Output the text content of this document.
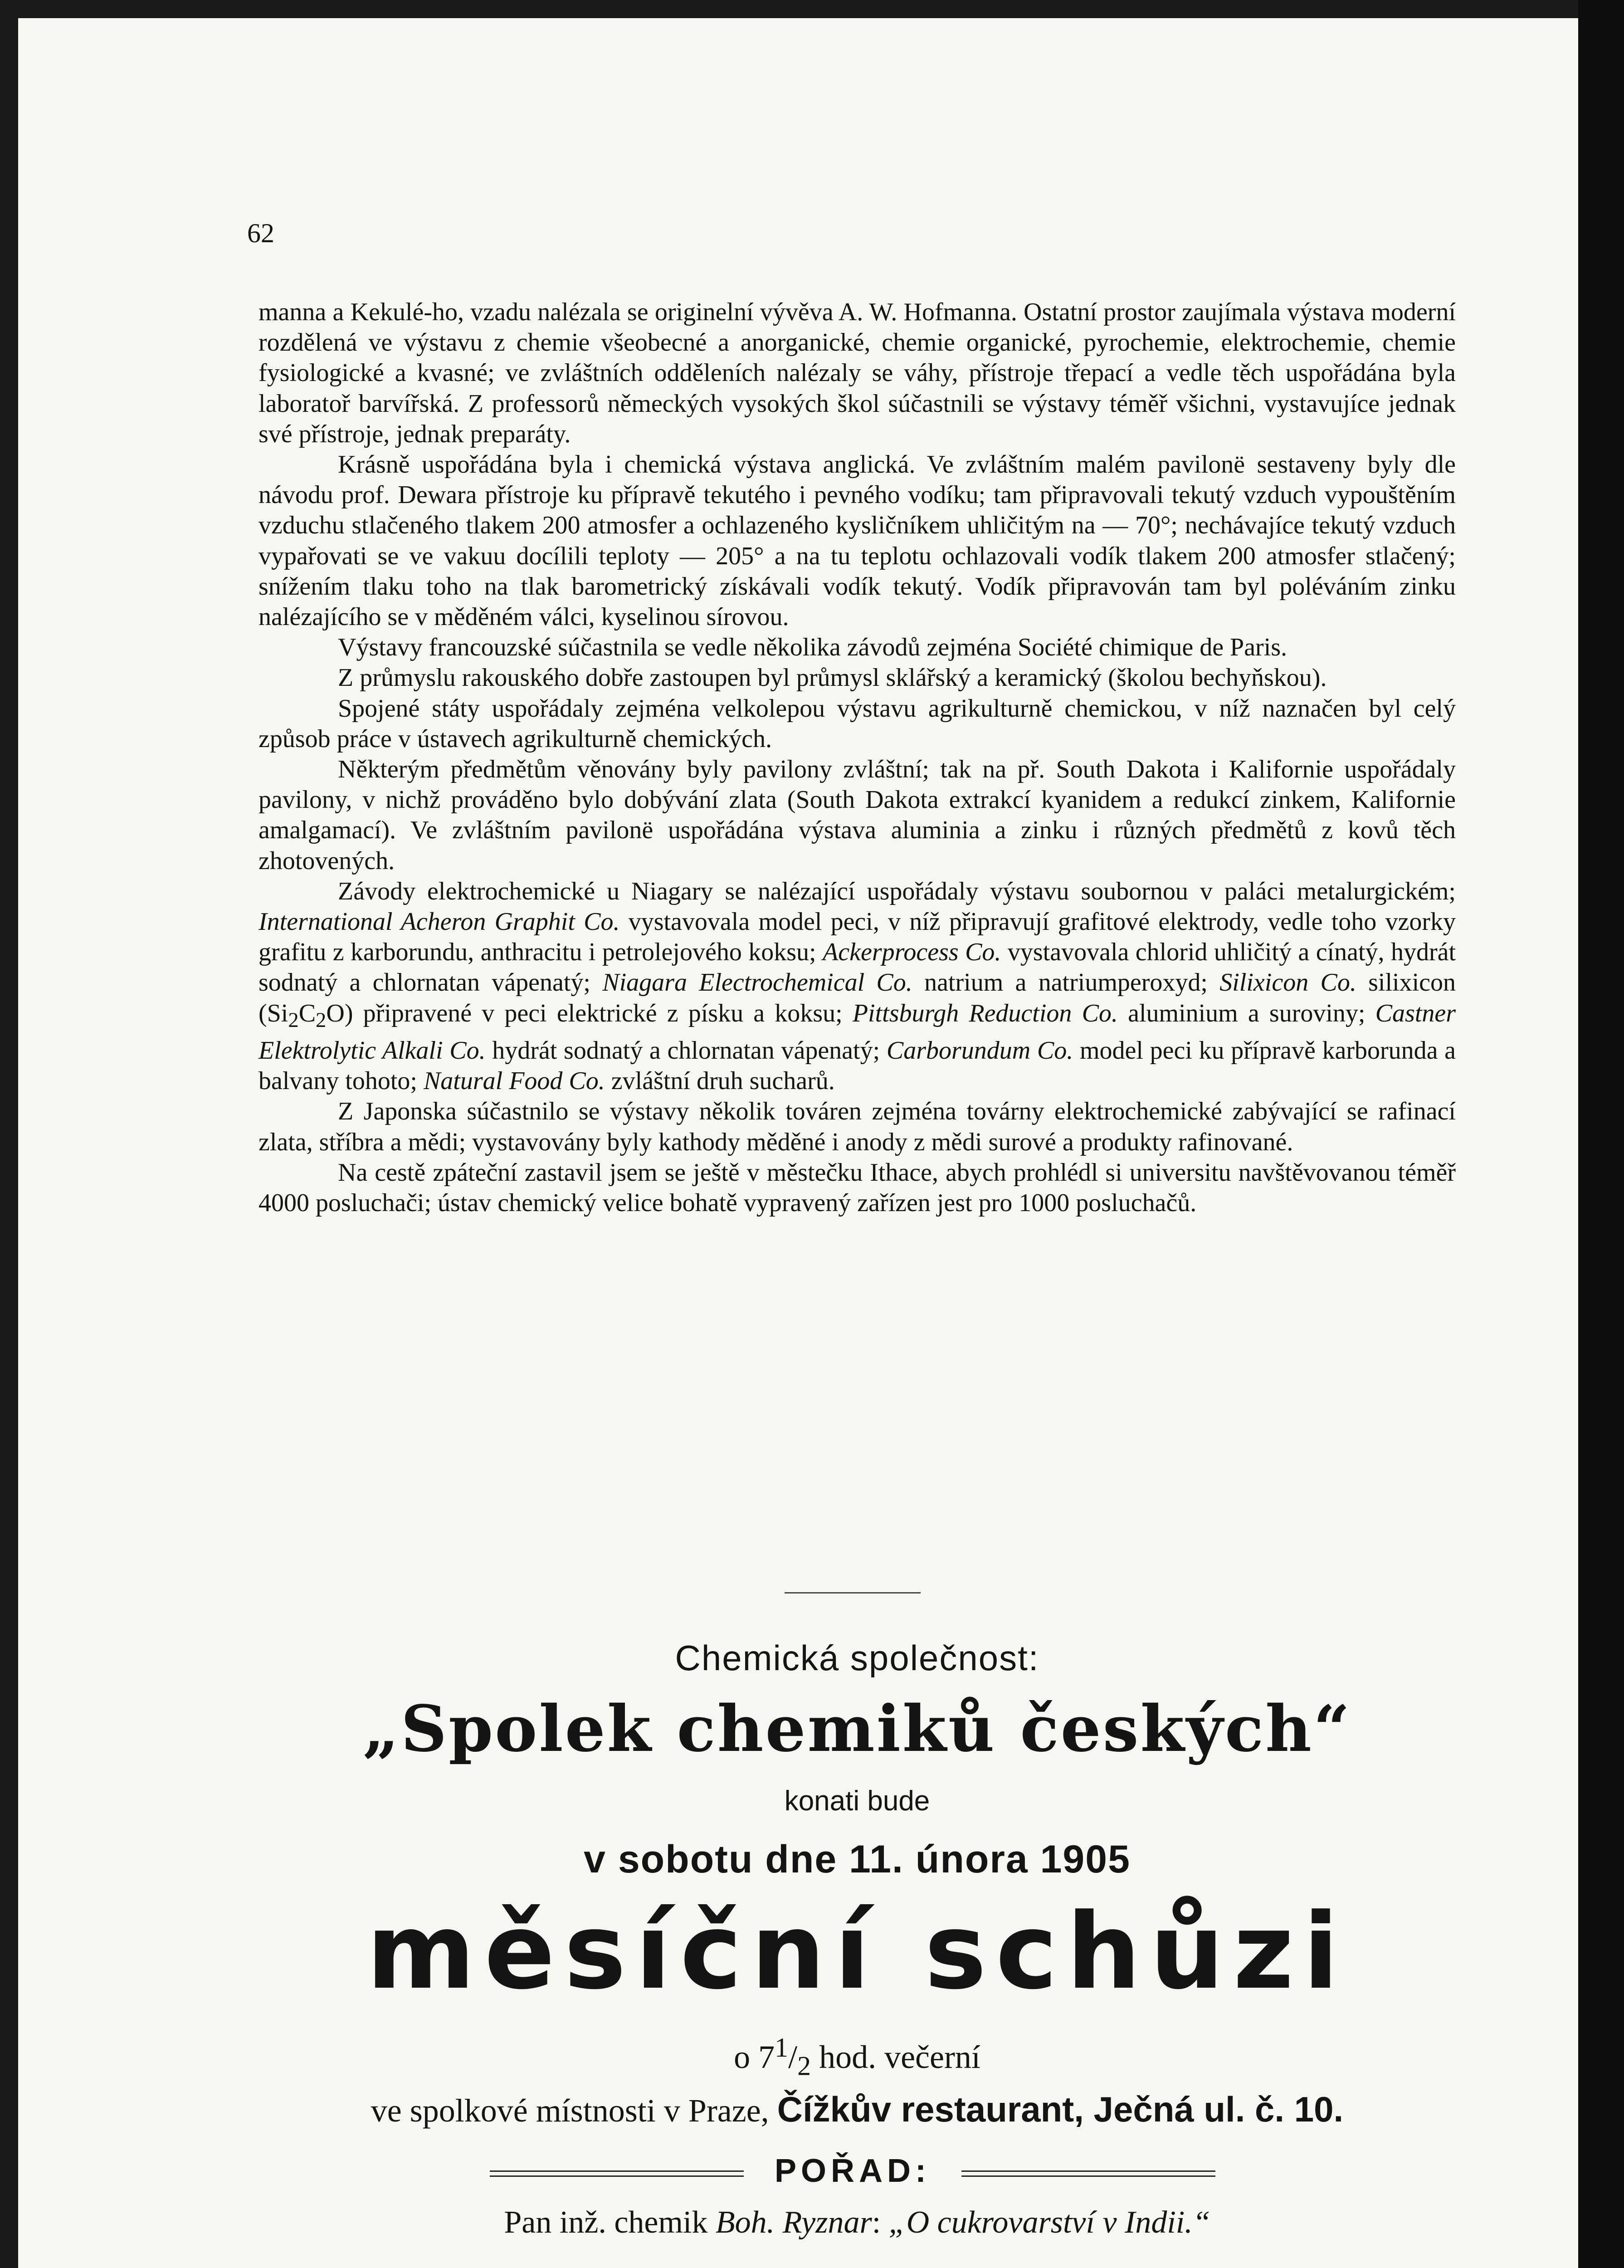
62

manna a Kekulé-ho, vzadu nalézala se originelní vývěva A. W. Hofmanna. Ostatní prostor zaujímala výstava moderní rozdělená ve výstavu z chemie všeobecné a anorganické, chemie organické, pyrochemie, elektrochemie, chemie fysiologické a kvasné; ve zvláštních odděleních nalézaly se váhy, přístroje třepací a vedle těch uspořádána byla laboratoř barvířská. Z professorů německých vysokých škol súčastnili se výstavy téměř všichni, vystavujíce jednak své přístroje, jednak preparáty.

Krásně uspořádána byla i chemická výstava anglická. Ve zvláštním malém pavilonë sestaveny byly dle návodu prof. Dewara přístroje ku přípravě tekutého i pevného vodíku; tam připravovali tekutý vzduch vypouštěním vzduchu stlačeného tlakem 200 atmosfer a ochlazeného kysličníkem uhličitým na — 70°; nechávajíce tekutý vzduch vypařovati se ve vakuu docílili teploty — 205° a na tu teplotu ochlazovali vodík tlakem 200 atmosfer stlačený; snížením tlaku toho na tlak barometrický získávali vodík tekutý. Vodík připravován tam byl poléváním zinku nalézajícího se v měděném válci, kyselinou sírovou.

Výstavy francouzské súčastnila se vedle několika závodů zejména Société chimique de Paris.

Z průmyslu rakouského dobře zastoupen byl průmysl sklářský a keramický (školou bechyňskou).

Spojené státy uspořádaly zejména velkolepou výstavu agrikulturně chemickou, v níž naznačen byl celý způsob práce v ústavech agrikulturně chemických.

Některým předmětům věnovány byly pavilony zvláštní; tak na př. South Dakota i Kalifornie uspořádaly pavilony, v nichž prováděno bylo dobývání zlata (South Dakota extrakcí kyanidem a redukcí zinkem, Kalifornie amalgamací). Ve zvláštním pavilonë uspořádána výstava aluminia a zinku i různých předmětů z kovů těch zhotovených.

Závody elektrochemické u Niagary se nalézající uspořádaly výstavu soubornou v paláci metalurgickém; International Acheron Graphit Co. vystavovala model peci, v níž připravují grafitové elektrody, vedle toho vzorky grafitu z karborundu, anthracitu i petrolejového koksu; Ackerprocess Co. vystavovala chlorid uhličitý a cínatý, hydrát sodnatý a chlornatan vápenatý; Niagara Electrochemical Co. natrium a natriumperoxyd; Silixicon Co. silixicon $(Si_2C_2O)$ připravené v peci elektrické z písku a koksu; Pittsburgh Reduction Co. aluminium a suroviny; Castner Elektrolytic Alkali Co. hydrát sodnatý a chlornatan vápenatý; Carborundum Co. model peci ku přípravě karborunda a balvany tohoto; Natural Food Co. zvláštní druh sucharů.

Z Japonska súčastnilo se výstavy několik továren zejména továrny elektrochemické zabývající se rafinací zlata, stříbra a mědi; vystavovány byly kathody měděné i anody z mědi surové a produkty rafinované.

Na cestě zpáteční zastavil jsem se ještě v městečku Ithace, abych prohlédl si universitu navštěvovanou téměř 4000 posluchači; ústav chemický velice bohatě vypravený zařízen jest pro 1000 posluchačů.

Chemická společnost:
„Spolek chemiků českých“
konati bude
v sobotu dne 11. února 1905
měsíční schůzi
o $7^1/_2$ hod. večerní
ve spolkové místnosti v Praze, Čížkův restaurant, Ječná ul. č. 10.
POŘAD:
Pan inž. chemik Boh. Ryznar: „O cukrovarství v Indii.“
